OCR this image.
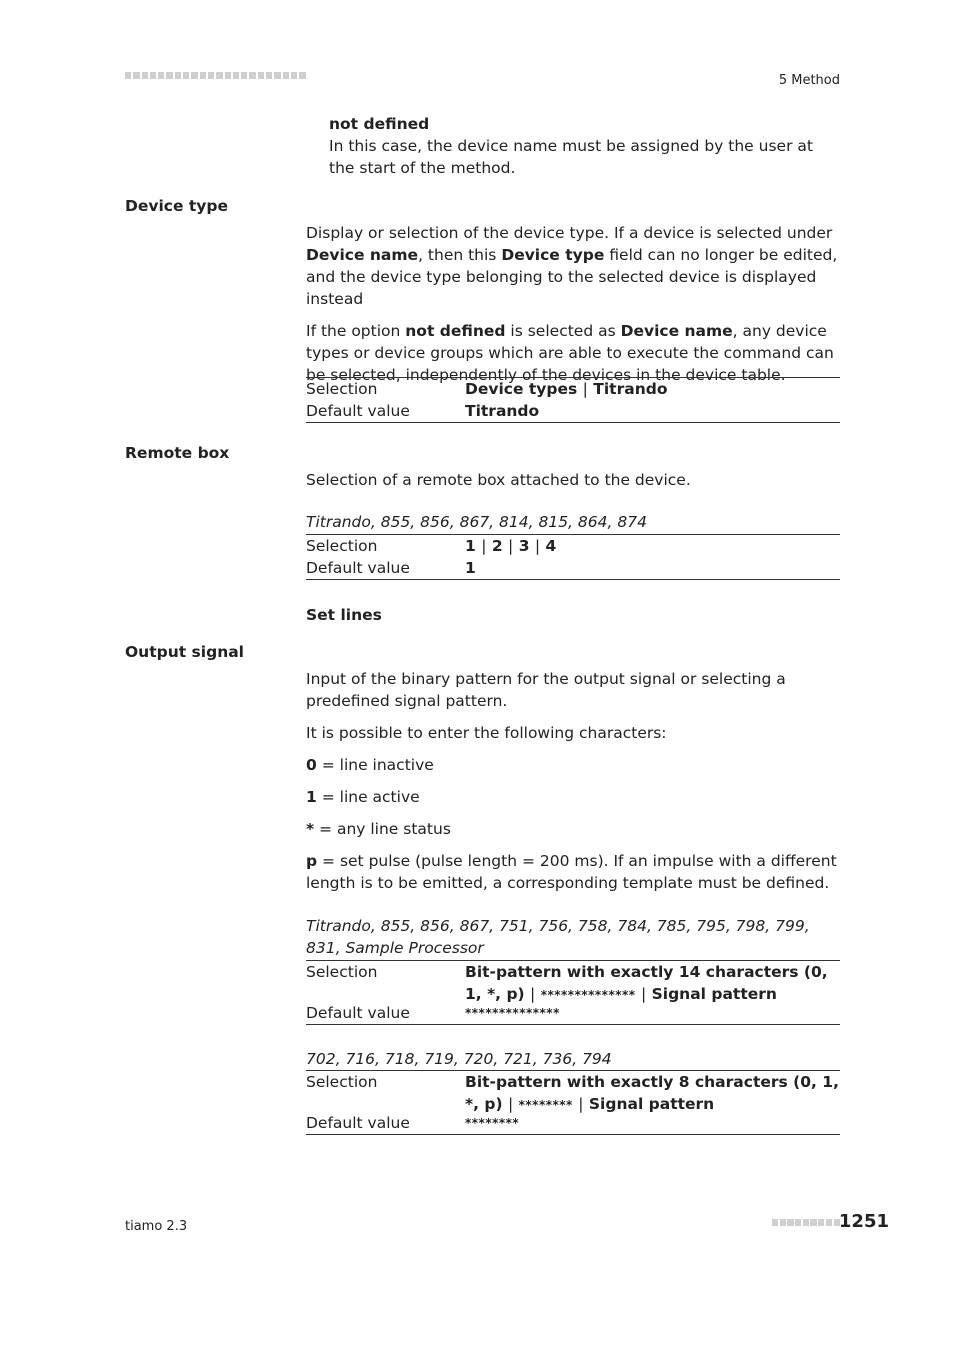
5 Method

not defined

In this case, the device name must be assigned by the user at the start of the method.

Device type

Display or selection of the device type. If a device is selected under Device name, then this Device type field can no longer be edited, and the device type belonging to the selected device is displayed instead

If the option not defined is selected as Device name, any device types or device groups which are able to execute the command can be selected, independently of the devices in the device table.

Selection	Device types | Titrando
Default value	Titrando
Remote box
Selection of a remote box attached to the device.
Titrando, 855, 856, 867, 814, 815, 864, 874
Selection	1 | 2 | 3 | 4
Default value	1
Set lines
Output signal

Input of the binary pattern for the output signal or selecting a predefined signal pattern.

It is possible to enter the following characters:

0 = line inactive

1 = line active

* = any line status

p = set pulse (pulse length = 200 ms). If an impulse with a different length is to be emitted, a corresponding template must be defined.

Titrando, 855, 856, 867, 751, 756, 758, 784, 785, 795, 798, 799, 831, Sample Processor
Selection	Bit-pattern with exactly 14 characters (0, 1, *, p) | ************** | Signal pattern
Default value	**************
702, 716, 718, 719, 720, 721, 736, 794
Selection	Bit-pattern with exactly 8 characters (0, 1, *, p) | ******** | Signal pattern
Default value	********
tiamo 2.3	1251
